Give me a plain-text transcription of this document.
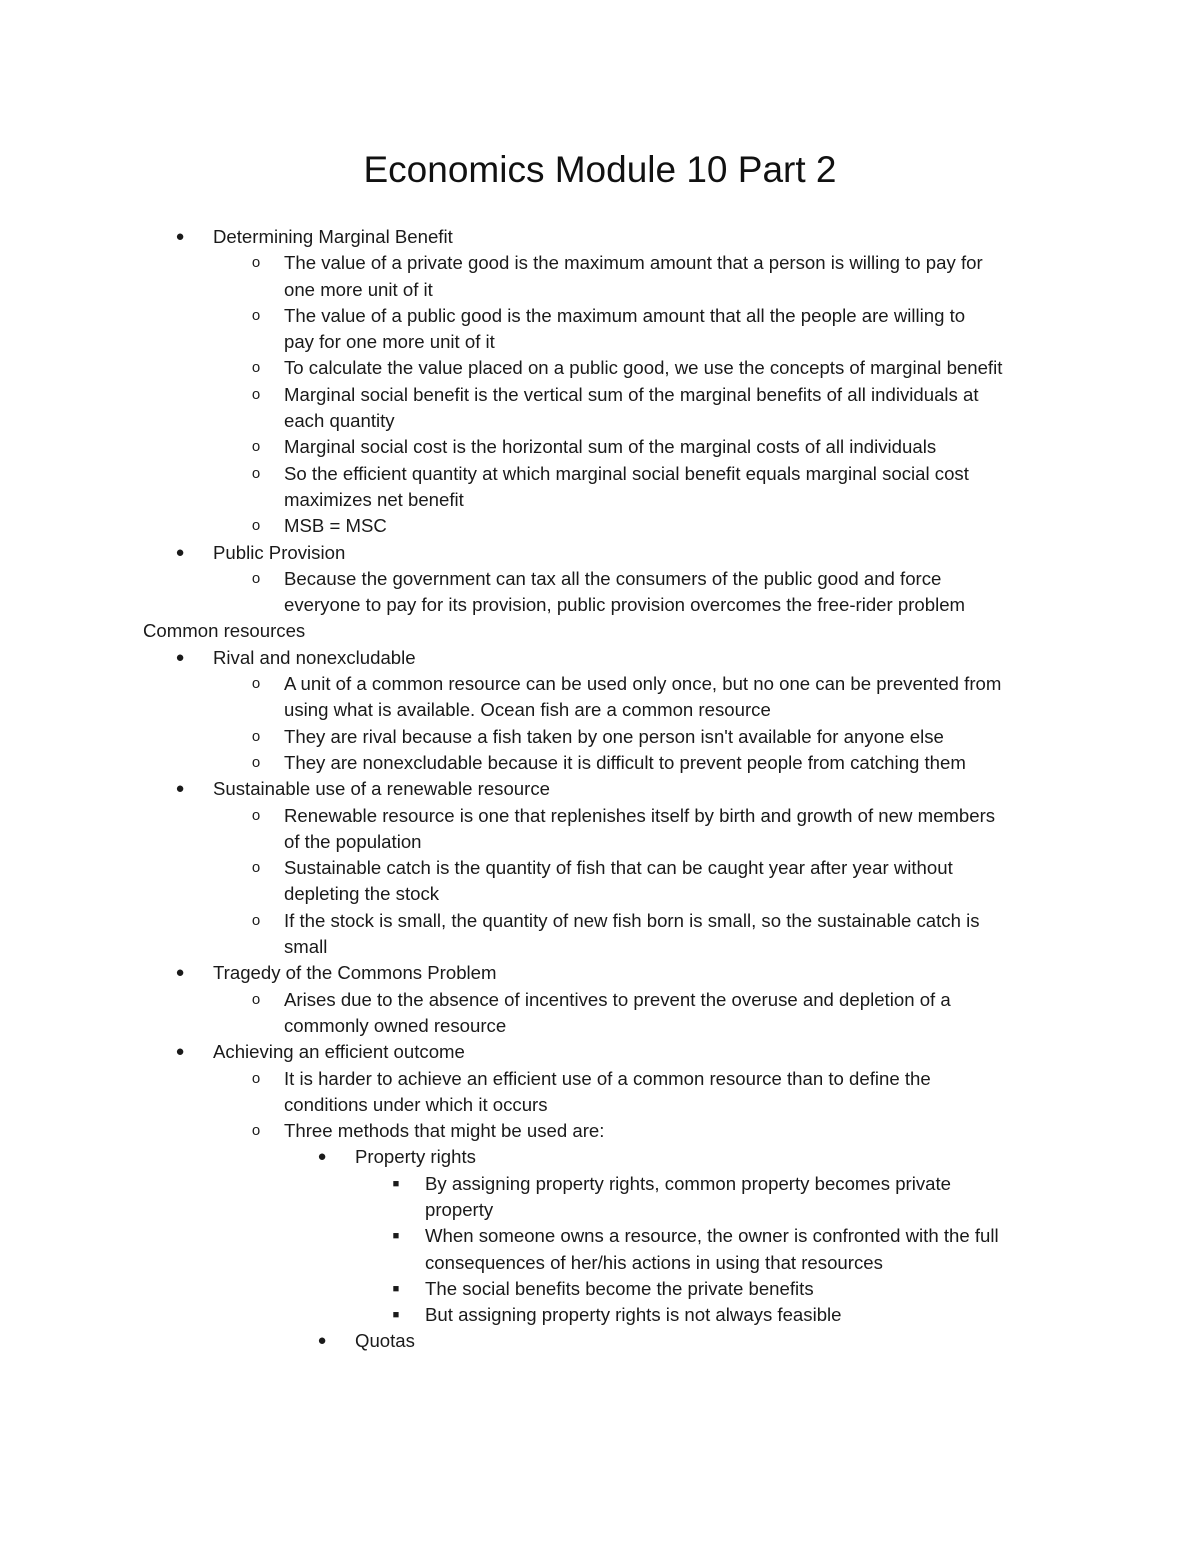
Economics Module 10 Part 2
● Determining Marginal Benefit
o	The value of a private good is the maximum amount that a person is willing to pay for
one more unit of it
o	The value of a public good is the maximum amount that all the people are willing to
pay for one more unit of it
o	To calculate the value placed on a public good, we use the concepts of marginal benefit
o	Marginal social benefit is the vertical sum of the marginal benefits of all individuals at
each quantity
o	Marginal social cost is the horizontal sum of the marginal costs of all individuals
o	So the efficient quantity at which marginal social benefit equals marginal social cost
maximizes net benefit
o	MSB = MSC
● Public Provision
o	Because the government can tax all the consumers of the public good and force
everyone to pay for its provision, public provision overcomes the free-rider problem
Common resources
● Rival and nonexcludable
o	A unit of a common resource can be used only once, but no one can be prevented from
using what is available. Ocean fish are a common resource
o	They are rival because a fish taken by one person isn't available for anyone else
o	They are nonexcludable because it is difficult to prevent people from catching them
● Sustainable use of a renewable resource
o	Renewable resource is one that replenishes itself by birth and growth of new members
of the population
o	Sustainable catch is the quantity of fish that can be caught year after year without
depleting the stock
o	If the stock is small, the quantity of new fish born is small, so the sustainable catch is
small
● Tragedy of the Commons Problem
o	Arises due to the absence of incentives to prevent the overuse and depletion of a
commonly owned resource
● Achieving an efficient outcome
o	It is harder to achieve an efficient use of a common resource than to define the
conditions under which it occurs
o	Three methods that might be used are:
● Property rights
■	By assigning property rights, common property becomes private
property
■	When someone owns a resource, the owner is confronted with the full
consequences of her/his actions in using that resources
■	The social benefits become the private benefits
■	But assigning property rights is not always feasible
● Quotas
